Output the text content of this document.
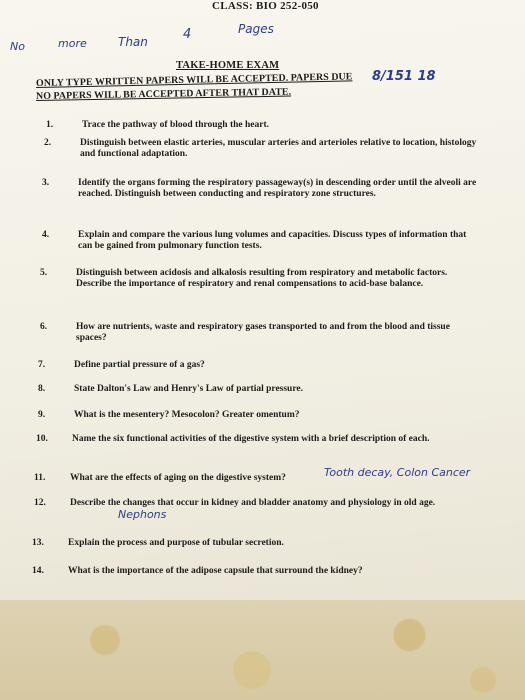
CLASS: BIO 252-050
No	more	Than	4	Pages
TAKE-HOME EXAM
ONLY TYPE WRITTEN PAPERS WILL BE ACCEPTED. PAPERS DUE 8/151 18
NO PAPERS WILL BE ACCEPTED AFTER THAT DATE.
1.	Trace the pathway of blood through the heart.
2.	Distinguish between elastic arteries, muscular arteries and arterioles relative to location, histology and functional adaptation.
3.	Identify the organs forming the respiratory passageway(s) in descending order until the alveoli are reached. Distinguish between conducting and respiratory zone structures.
4.	Explain and compare the various lung volumes and capacities. Discuss types of information that can be gained from pulmonary function tests.
5.	Distinguish between acidosis and alkalosis resulting from respiratory and metabolic factors. Describe the importance of respiratory and renal compensations to acid-base balance.
6.	How are nutrients, waste and respiratory gases transported to and from the blood and tissue spaces?
7.	Define partial pressure of a gas?
8.	State Dalton's Law and Henry's Law of partial pressure.
9.	What is the mesentery? Mesocolon? Greater omentum?
10.	Name the six functional activities of the digestive system with a brief description of each.
11.	What are the effects of aging on the digestive system?	Tooth decay, Colon Cancer
12.	Describe the changes that occur in kidney and bladder anatomy and physiology in old age.
Nephons
13.	Explain the process and purpose of tubular secretion.
14.	What is the importance of the adipose capsule that surround the kidney?
